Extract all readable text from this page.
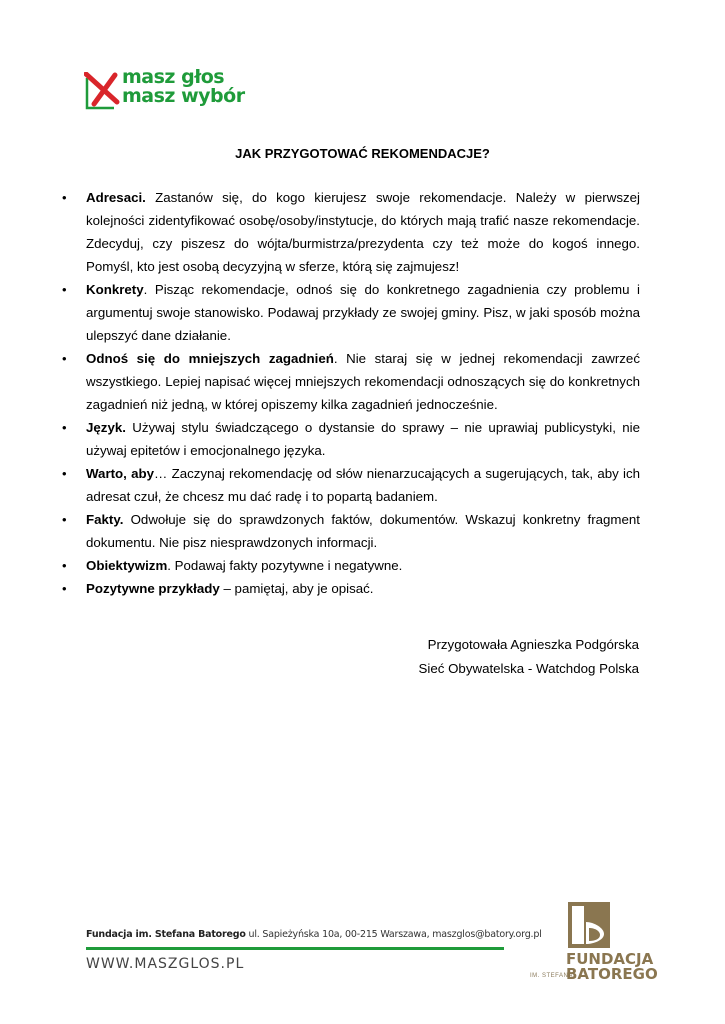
masz głos
masz wybór
JAK PRZYGOTOWAĆ REKOMENDACJE?
• Adresaci. Zastanów się, do kogo kierujesz swoje rekomendacje. Należy w pierwszej kolejności zidentyfikować osobę/osoby/instytucje, do których mają trafić nasze rekomendacje. Zdecyduj, czy piszesz do wójta/burmistrza/prezydenta czy też może do kogoś innego. Pomyśl, kto jest osobą decyzyjną w sferze, którą się zajmujesz!
• Konkrety. Pisząc rekomendacje, odnoś się do konkretnego zagadnienia czy problemu i argumentuj swoje stanowisko. Podawaj przykłady ze swojej gminy. Pisz, w jaki sposób można ulepszyć dane działanie.
• Odnoś się do mniejszych zagadnień. Nie staraj się w jednej rekomendacji zawrzeć wszystkiego. Lepiej napisać więcej mniejszych rekomendacji odnoszących się do konkretnych zagadnień niż jedną, w której opiszemy kilka zagadnień jednocześnie.
• Język. Używaj stylu świadczącego o dystansie do sprawy – nie uprawiaj publicystyki, nie używaj epitetów i emocjonalnego języka.
• Warto, aby… Zaczynaj rekomendację od słów nienarzucających a sugerujących, tak, aby ich adresat czuł, że chcesz mu dać radę i to popartą badaniem.
• Fakty. Odwołuje się do sprawdzonych faktów, dokumentów. Wskazuj konkretny fragment dokumentu. Nie pisz niesprawdzonych informacji.
• Obiektywizm. Podawaj fakty pozytywne i negatywne.
• Pozytywne przykłady – pamiętaj, aby je opisać.
Przygotowała Agnieszka Podgórska
Sieć Obywatelska - Watchdog Polska
Fundacja im. Stefana Batorego ul. Sapieżyńska 10a, 00-215 Warszawa, maszglos@batory.org.pl
WWW.MASZGLOS.PL
IM. STEFANA
FUNDACJA
BATOREGO
